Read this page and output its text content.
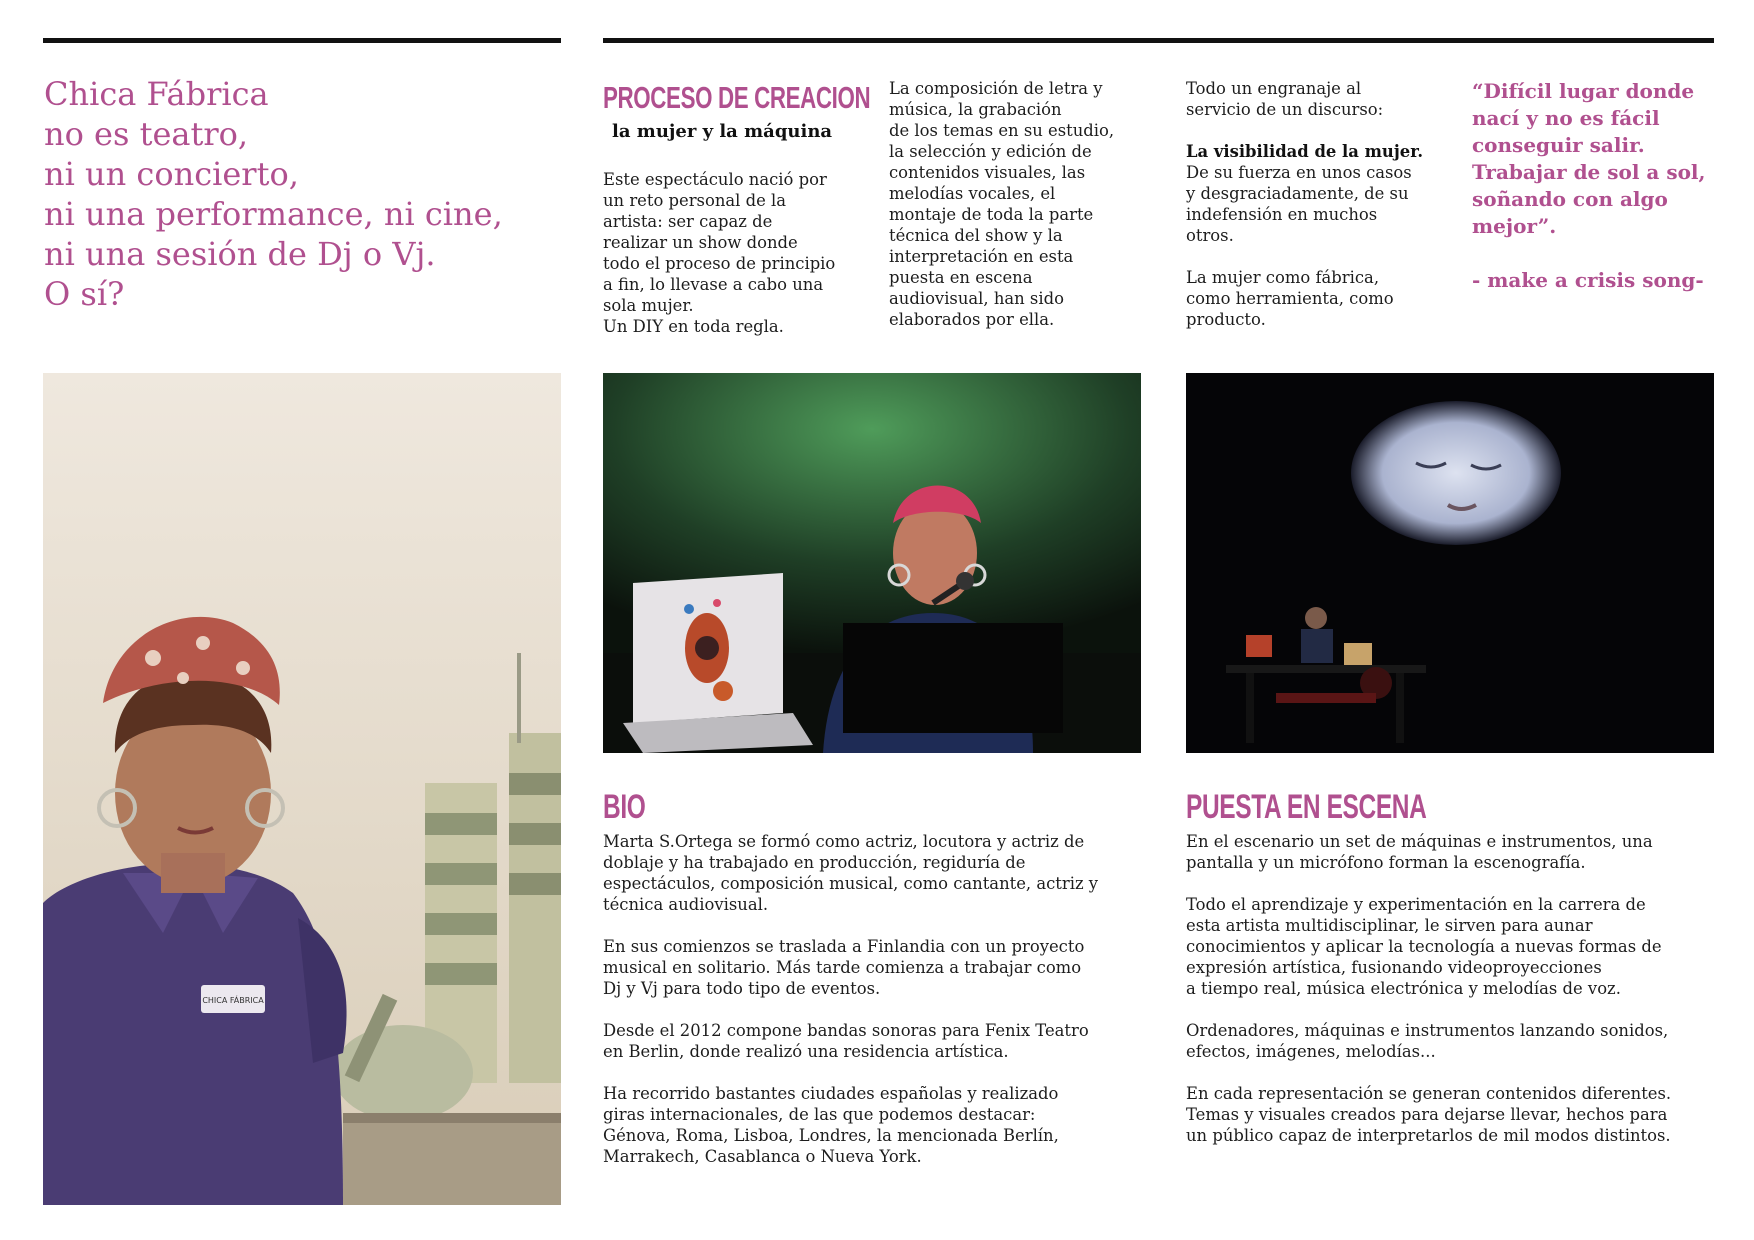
Chica Fábrica
no es teatro,
ni un concierto,
ni una performance, ni cine,
ni una sesión de Dj o Vj.
O sí?
PROCESO DE CREACION
la mujer y la máquina
Este espectáculo nació por
un reto personal de la
artista: ser capaz de
realizar un show donde
todo el proceso de principio
a fin, lo llevase a cabo una
sola mujer.
Un DIY en toda regla.
La composición de letra y
música, la grabación
de los temas en su estudio,
la selección y edición de
contenidos visuales, las
melodías vocales, el
montaje de toda la parte
técnica del show y la
interpretación en esta
puesta en escena
audiovisual, han sido
elaborados por ella.
Todo un engranaje al
servicio de un discurso:
La visibilidad de la mujer.
De su fuerza en unos casos
y desgraciadamente, de su
indefensión en muchos
otros.
La mujer como fábrica,
como herramienta, como
producto.
“Difícil lugar donde
nací y no es fácil
conseguir salir.
Trabajar de sol a sol,
soñando con algo
mejor”.
- make a crisis song-
CHICA FÁBRICA
BIO

Marta S.Ortega se formó como actriz, locutora y actriz de
doblaje y ha trabajado en producción, regiduría de
espectáculos, composición musical, como cantante, actriz y
técnica audiovisual.

En sus comienzos se traslada a Finlandia con un proyecto
musical en solitario. Más tarde comienza a trabajar como
Dj y Vj para todo tipo de eventos.

Desde el 2012 compone bandas sonoras para Fenix Teatro
en Berlin, donde realizó una residencia artística.

Ha recorrido bastantes ciudades españolas y realizado
giras internacionales, de las que podemos destacar:
Génova, Roma, Lisboa, Londres, la mencionada Berlín,
Marrakech, Casablanca o Nueva York.

PUESTA EN ESCENA

En el escenario un set de máquinas e instrumentos, una
pantalla y un micrófono forman la escenografía.

Todo el aprendizaje y experimentación en la carrera de
esta artista multidisciplinar, le sirven para aunar
conocimientos y aplicar la tecnología a nuevas formas de
expresión artística, fusionando videoproyecciones
a tiempo real, música electrónica y melodías de voz.

Ordenadores, máquinas e instrumentos lanzando sonidos,
efectos, imágenes, melodías...

En cada representación se generan contenidos diferentes.
Temas y visuales creados para dejarse llevar, hechos para
un público capaz de interpretarlos de mil modos distintos.
